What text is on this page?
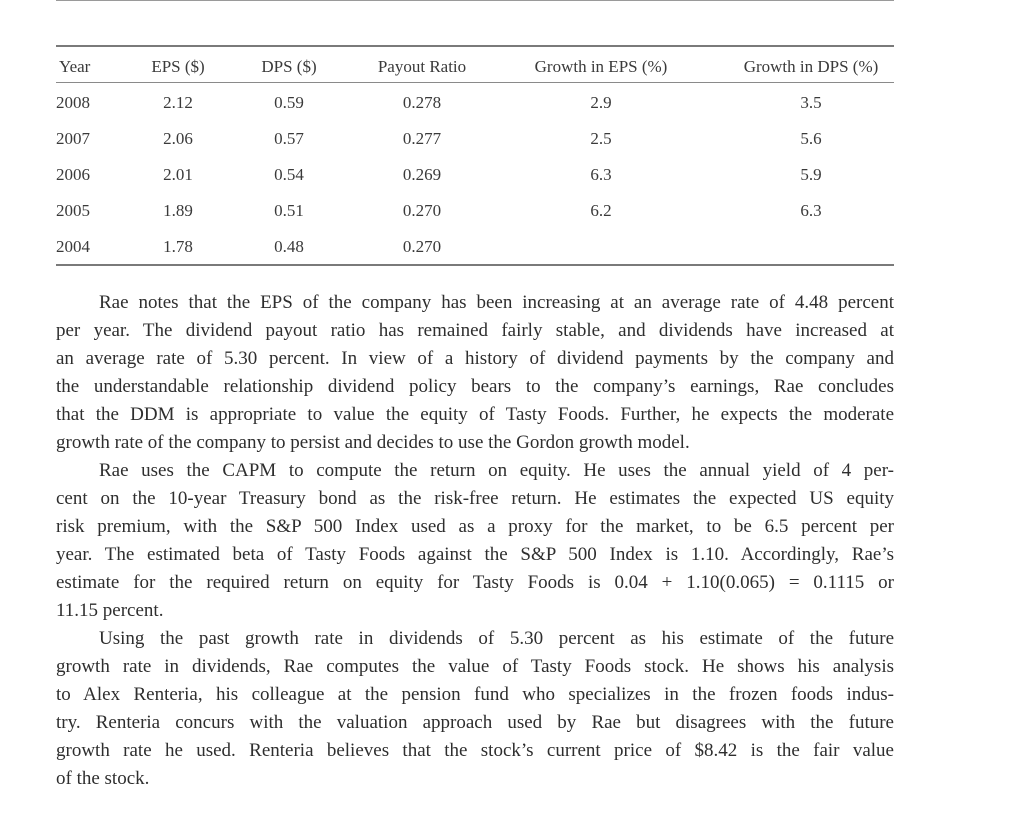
Year	EPS ($)	DPS ($)	Payout Ratio	Growth in EPS (%)	Growth in DPS (%)
2008	2.12	0.59	0.278	2.9	3.5
2007	2.06	0.57	0.277	2.5	5.6
2006	2.01	0.54	0.269	6.3	5.9
2005	1.89	0.51	0.270	6.2	6.3
2004	1.78	0.48	0.270
Rae notes that the EPS of the company has been increasing at an average rate of 4.48 percent
per year. The dividend payout ratio has remained fairly stable, and dividends have increased at
an average rate of 5.30 percent. In view of a history of dividend payments by the company and
the understandable relationship dividend policy bears to the company’s earnings, Rae concludes
that the DDM is appropriate to value the equity of Tasty Foods. Further, he expects the moderate
growth rate of the company to persist and decides to use the Gordon growth model.
Rae uses the CAPM to compute the return on equity. He uses the annual yield of 4 per-
cent on the 10-year Treasury bond as the risk-free return. He estimates the expected US equity
risk premium, with the S&P 500 Index used as a proxy for the market, to be 6.5 percent per
year. The estimated beta of Tasty Foods against the S&P 500 Index is 1.10. Accordingly, Rae’s
estimate for the required return on equity for Tasty Foods is 0.04 + 1.10(0.065) = 0.1115 or
11.15 percent.
Using the past growth rate in dividends of 5.30 percent as his estimate of the future
growth rate in dividends, Rae computes the value of Tasty Foods stock. He shows his analysis
to Alex Renteria, his colleague at the pension fund who specializes in the frozen foods indus-
try. Renteria concurs with the valuation approach used by Rae but disagrees with the future
growth rate he used. Renteria believes that the stock’s current price of $8.42 is the fair value
of the stock.
